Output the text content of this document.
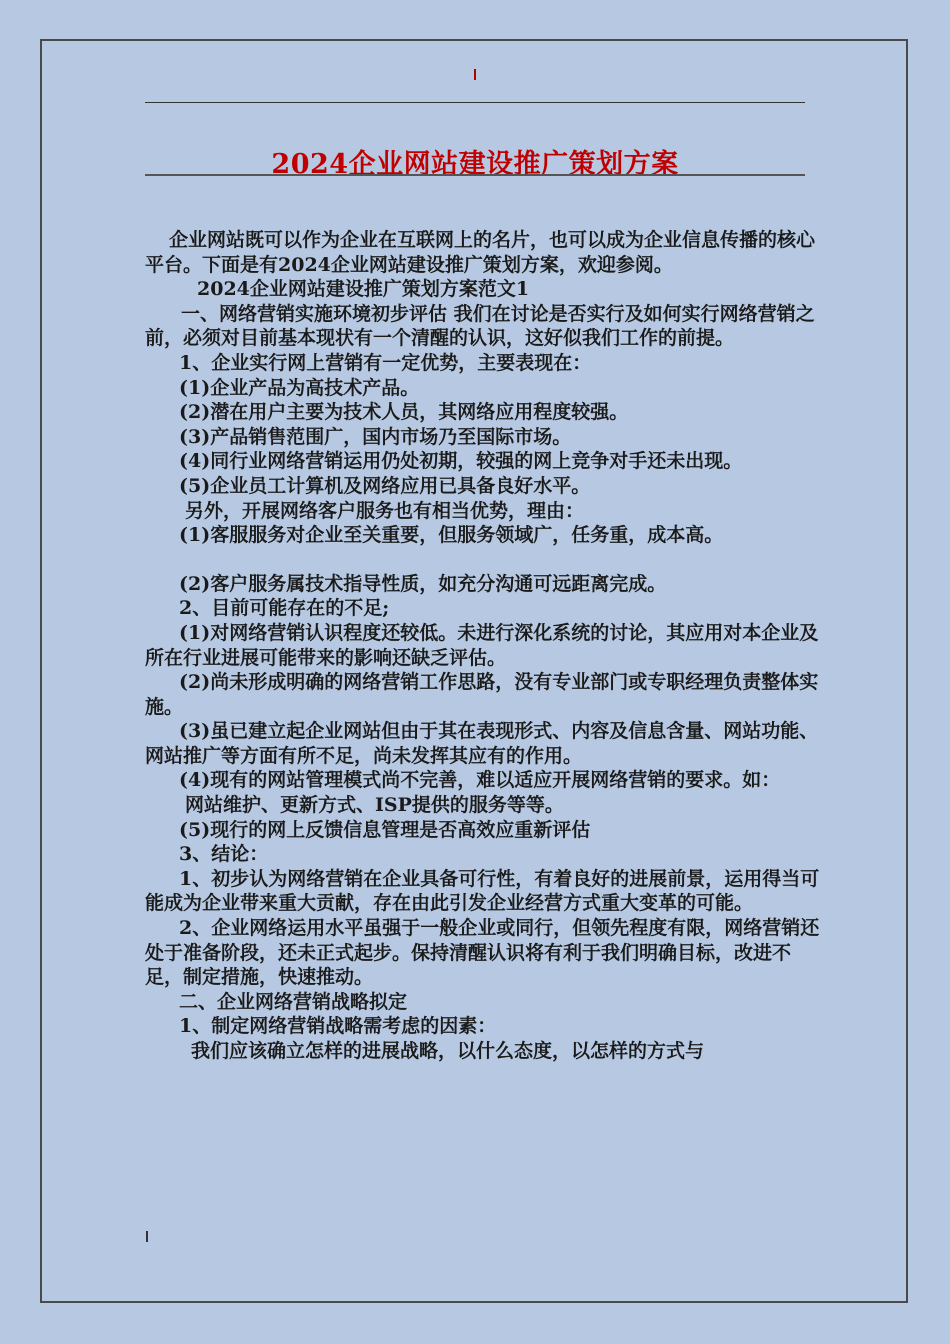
2024企业网站建设推广策划方案

企业网站既可以作为企业在互联网上的名片，也可以成为企业信息传播的核心平台。下面是有2024企业网站建设推广策划方案，欢迎参阅。

2024企业网站建设推广策划方案范文1

一、网络营销实施环境初步评估 我们在讨论是否实行及如何实行网络营销之前，必须对目前基本现状有一个清醒的认识，这好似我们工作的前提。

1、企业实行网上营销有一定优势，主要表现在：

(1)企业产品为高技术产品。

(2)潜在用户主要为技术人员，其网络应用程度较强。

(3)产品销售范围广，国内市场乃至国际市场。

(4)同行业网络营销运用仍处初期，较强的网上竞争对手还未出现。

(5)企业员工计算机及网络应用已具备良好水平。

另外，开展网络客户服务也有相当优势，理由：

(1)客服服务对企业至关重要，但服务领域广，任务重，成本高。

(2)客户服务属技术指导性质，如充分沟通可远距离完成。

2、目前可能存在的不足;

(1)对网络营销认识程度还较低。未进行深化系统的讨论，其应用对本企业及所在行业进展可能带来的影响还缺乏评估。

(2)尚未形成明确的网络营销工作思路，没有专业部门或专职经理负责整体实施。

(3)虽已建立起企业网站但由于其在表现形式、内容及信息含量、网站功能、网站推广等方面有所不足，尚未发挥其应有的作用。

(4)现有的网站管理模式尚不完善，难以适应开展网络营销的要求。如：

网站维护、更新方式、ISP提供的服务等等。

(5)现行的网上反馈信息管理是否高效应重新评估

3、结论：

1、初步认为网络营销在企业具备可行性，有着良好的进展前景，运用得当可能成为企业带来重大贡献，存在由此引发企业经营方式重大变革的可能。

2、企业网络运用水平虽强于一般企业或同行，但领先程度有限，网络营销还处于准备阶段，还未正式起步。保持清醒认识将有利于我们明确目标，改进不足，制定措施，快速推动。

二、企业网络营销战略拟定

1、制定网络营销战略需考虑的因素：

我们应该确立怎样的进展战略，以什么态度，以怎样的方式与
